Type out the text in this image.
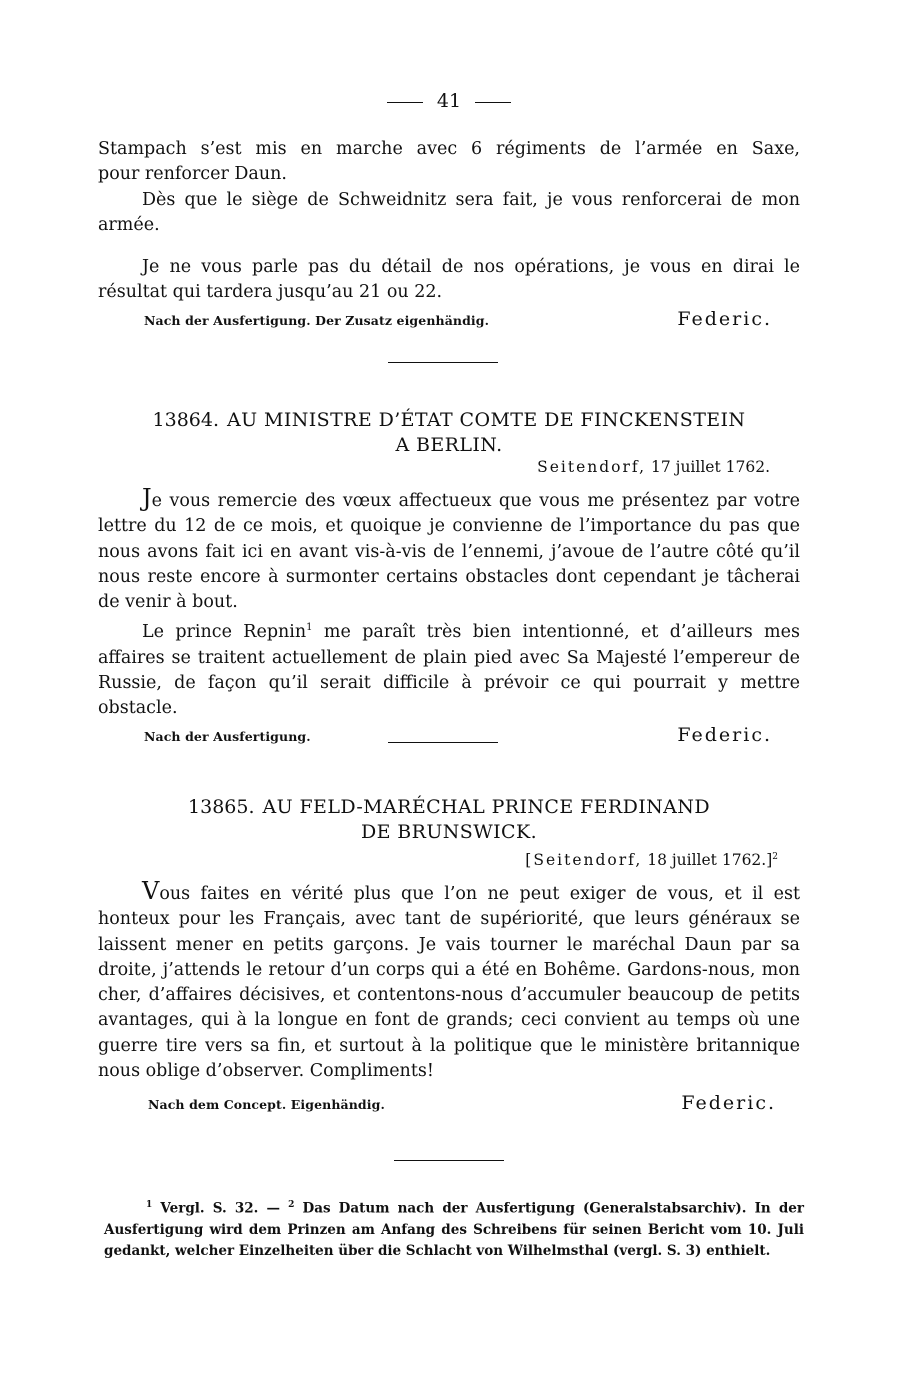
41

Stampach s’est mis en marche avec 6 régiments de l’armée en Saxe,

pour renforcer Daun.

Dès que le siège de Schweidnitz sera fait, je vous renforcerai de mon armée.

Je ne vous parle pas du détail de nos opérations, je vous en dirai le résultat qui tardera jusqu’au 21 ou 22.

Nach der Ausfertigung. Der Zusatz eigenhändig.	Federic.
13864. AU MINISTRE D’ÉTAT COMTE DE FINCKENSTEIN
A BERLIN.
Seitendorf, 17 juillet 1762.

Je vous remercie des vœux affectueux que vous me présentez par votre lettre du 12 de ce mois, et quoique je convienne de l’importance du pas que nous avons fait ici en avant vis-à-vis de l’ennemi, j’avoue de l’autre côté qu’il nous reste encore à surmonter certains obstacles dont cependant je tâcherai de venir à bout.

Le prince Repnin$^1$ me paraît très bien intentionné, et d’ailleurs mes affaires se traitent actuellement de plain pied avec Sa Majesté l’empereur de Russie, de façon qu’il serait difficile à prévoir ce qui pourrait y mettre obstacle.

Nach der Ausfertigung.	Federic.
13865. AU FELD-MARÉCHAL PRINCE FERDINAND
DE BRUNSWICK.
[Seitendorf, 18 juillet 1762.]$^2$

Vous faites en vérité plus que l’on ne peut exiger de vous, et il est honteux pour les Français, avec tant de supériorité, que leurs généraux se laissent mener en petits garçons. Je vais tourner le maréchal Daun par sa droite, j’attends le retour d’un corps qui a été en Bohême. Gardons-nous, mon cher, d’affaires décisives, et contentons-nous d’accumuler beaucoup de petits avantages, qui à la longue en font de grands; ceci convient au temps où une guerre tire vers sa fin, et surtout à la politique que le ministère britannique nous oblige d’observer. Compliments!

Nach dem Concept. Eigenhändig.	Federic.
$^1$ Vergl. S. 32. — $^2$ Das Datum nach der Ausfertigung (Generalstabsarchiv). In der Ausfertigung wird dem Prinzen am Anfang des Schreibens für seinen Bericht vom 10. Juli gedankt, welcher Einzelheiten über die Schlacht von Wilhelmsthal (vergl. S. 3) enthielt.
